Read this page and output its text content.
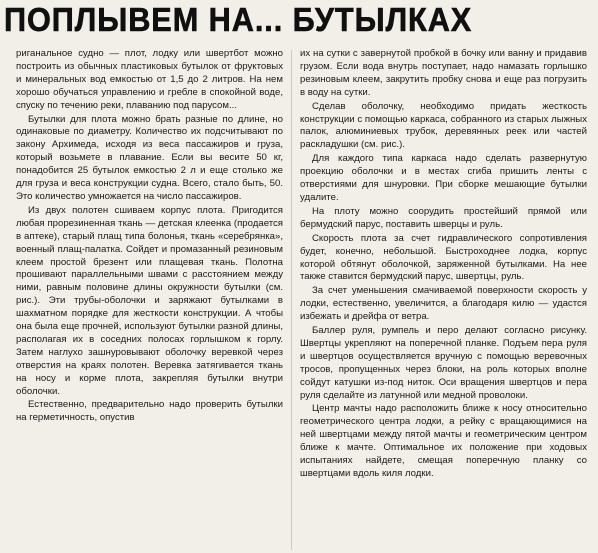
ПОПЛЫВЕМ НА... БУТЫЛКАХ

риганальное судно — плот, лодку или швертбот можно построить из обычных пластиковых бутылок от фруктовых и минеральных вод емкостью от 1,5 до 2 литров. На нем хорошо обучаться управлению и гребле в спокойной воде, спуску по течению реки, плаванию под парусом...

Бутылки для плота можно брать разные по длине, но одинаковые по диаметру. Количество их подсчитывают по закону Архимеда, исходя из веса пассажиров и груза, который возьмете в плавание. Если вы весите 50 кг, понадобится 25 бутылок емкостью 2 л и еще столько же для груза и веса конструкции судна. Всего, стало быть, 50. Это количество умножается на число пассажиров.

Из двух полотен сшиваем корпус плота. Пригодится любая прорезиненная ткань — детская клеенка (продается в аптеке), старый плащ типа болонья, ткань «серебрянка», военный плащ-палатка. Сойдет и промазанный резиновым клеем простой брезент или плащевая ткань. Полотна прошивают параллельными швами с расстоянием между ними, равным половине длины окружности бутылки (см. рис.). Эти трубы-оболочки и заряжают бутылками в шахматном порядке для жесткости конструкции. А чтобы она была еще прочней, используют бутылки разной длины, располагая их в соседних полосах горлышком к горлу. Затем наглухо зашнуровывают оболочку веревкой через отверстия на краях полотен. Веревка затягивается ткань на носу и корме плота, закрепляя бутылки внутри оболочки.

Естественно, предварительно надо проверить бутылки на герметичность, опустив

их на сутки с завернутой пробкой в бочку или ванну и придавив грузом. Если вода внутрь поступает, надо намазать горлышко резиновым клеем, закрутить пробку снова и еще раз погрузить в воду на сутки.

Сделав оболочку, необходимо придать жесткость конструкции с помощью каркаса, собранного из старых лыжных палок, алюминиевых трубок, деревянных реек или частей раскладушки (см. рис.).

Для каждого типа каркаса надо сделать развернутую проекцию оболочки и в местах сгиба пришить ленты с отверстиями для шнуровки. При сборке мешающие бутылки удалите.

На плоту можно соорудить простейший прямой или бермудский парус, поставить шверцы и руль.

Скорость плота за счет гидравлического сопротивления будет, конечно, небольшой. Быстроходнее лодка, корпус которой обтянут оболочкой, заряженной бутылками. На нее также ставится бермудский парус, швертцы, руль.

За счет уменьшения смачиваемой поверхности скорость у лодки, естественно, увеличится, а благодаря килю — удастся избежать и дрейфа от ветра.

Баллер руля, румпель и перо делают согласно рисунку. Швертцы укрепляют на поперечной планке. Подъем пера руля и швертцов осуществляется вручную с помощью веревочных тросов, пропущенных через блоки, на роль которых вполне сойдут катушки из-под ниток. Оси вращения швертцов и пера руля сделайте из латунной или медной проволоки.

Центр мачты надо расположить ближе к носу относительно геометрического центра лодки, а рейку с вращающимися на ней швертцами между пятой мачты и геометрическим центром ближе к мачте. Оптимальное их положение при ходовых испытаниях найдете, смещая поперечную планку со швертцами вдоль киля лодки.
